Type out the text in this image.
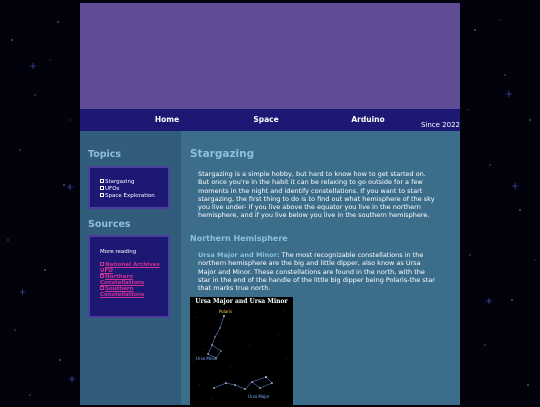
Home	Space	Arduino
Since 2022
Topics
Stargazing
UFOs
Space Exploration
Sources
More reading
National Archives UFO
Northern Constellations
Southern Constellations
Stargazing
Stargazing is a simple hobby, but hard to know how to get started on. But once you're in the habit it can be relaxing to go outside for a few moments in the night and identify constellations. If you want to start stargazing, the first thing to do is to find out what hemisphere of the sky you live under- if you live above the equator you live in the northern hemisphere, and if you live below you live in the southern hemisphere.
Northern Hemisphere
Ursa Major and Minor: The most recognizable constellations in the northern hemisphere are the big and little dipper, also know as Ursa Major and Minor. These constellations are found in the north, with the star in the end of the handle of the little big dipper being Polaris-the star that marks true north.
Ursa Major and Ursa Minor
Polaris
Ursa Minor
Ursa Major
